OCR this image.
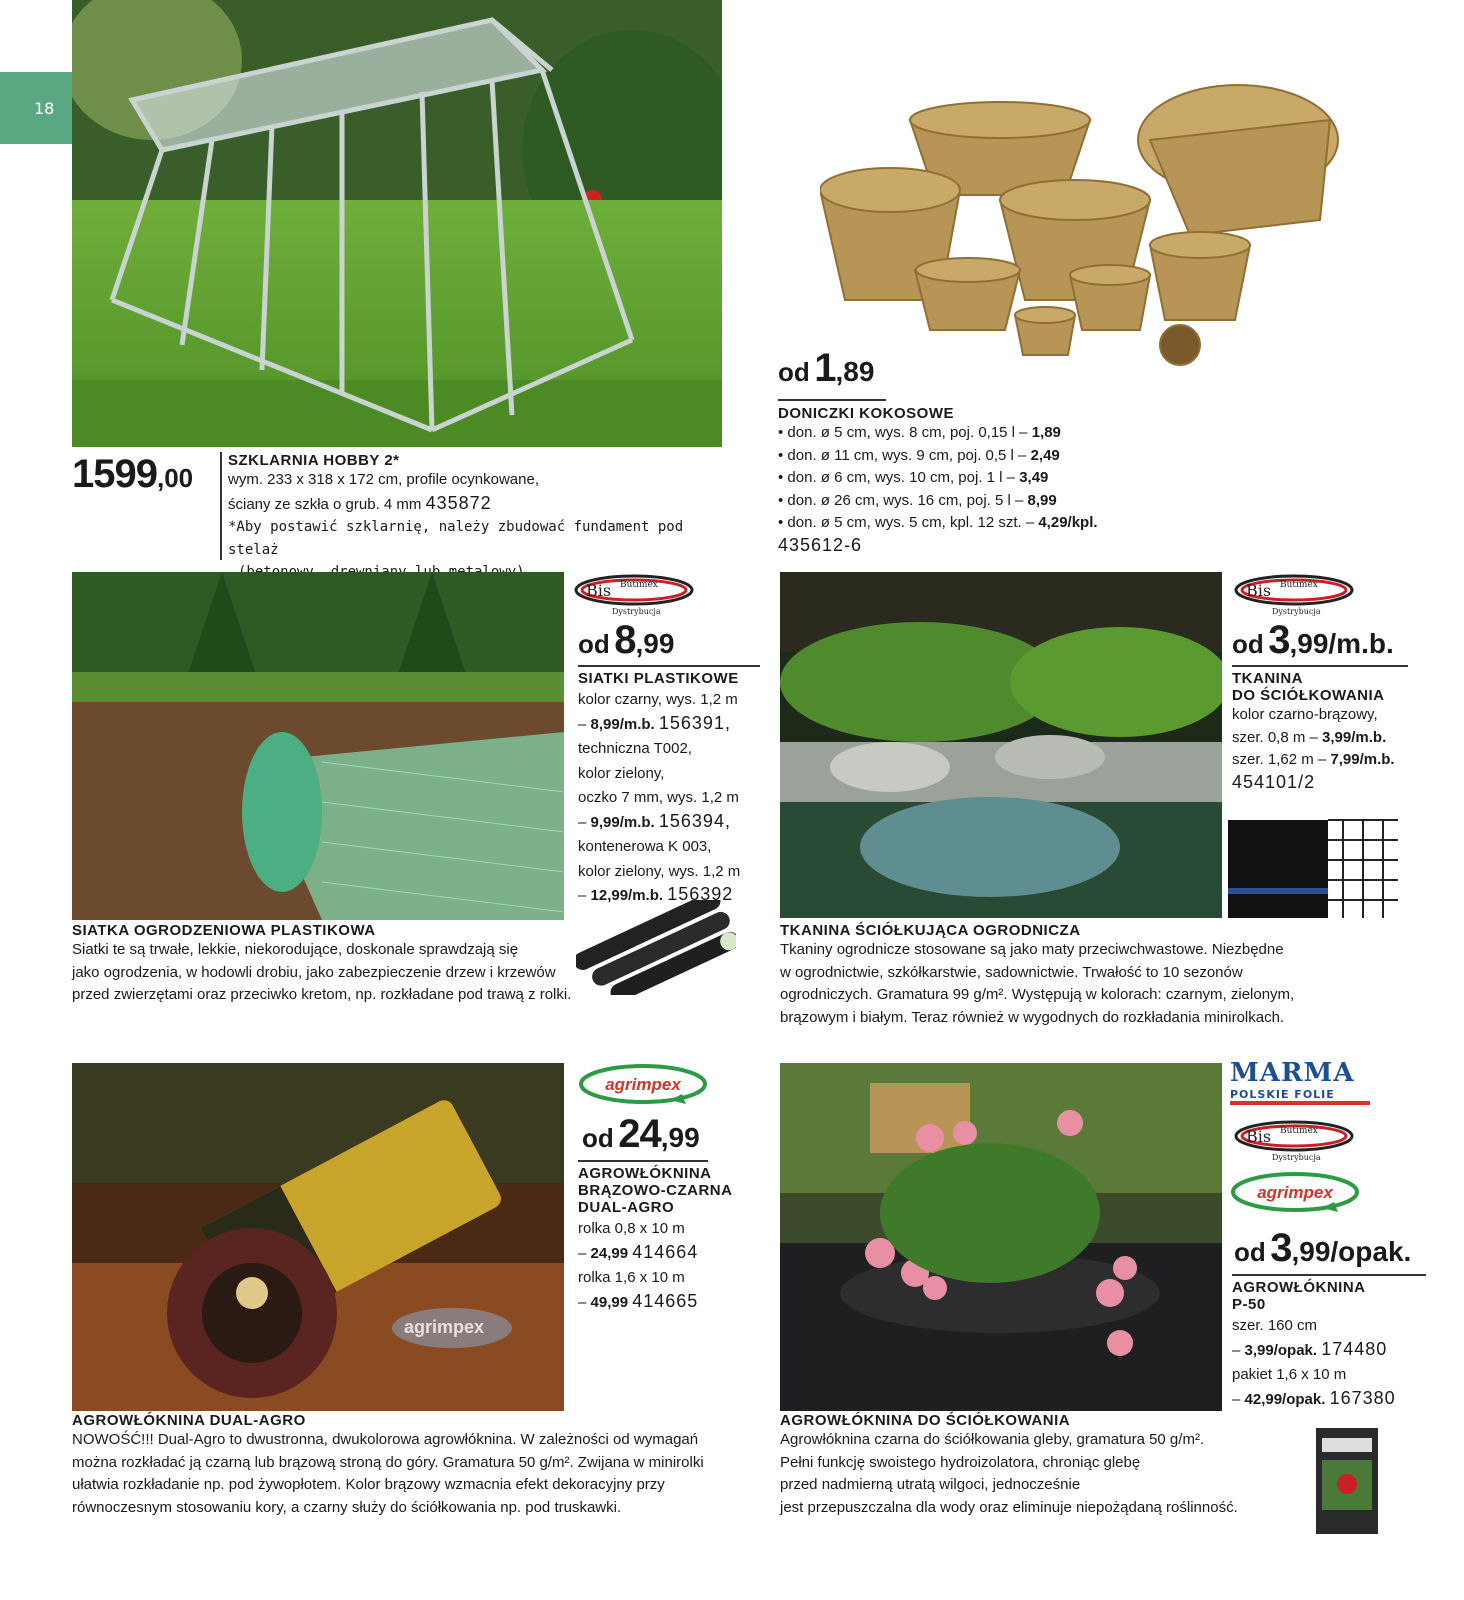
18
1599,00
SZKLARNIA HOBBY 2*
wym. 233 x 318 x 172 cm, profile ocynkowane,
ściany ze szkła o grub. 4 mm 435872
*Aby postawić szklarnię, należy zbudować fundament pod stelaż
od 1,89
DONICZKI KOKOSOWE
• don. ø 5 cm, wys. 8 cm, poj. 0,15 l – 1,89
• don. ø 11 cm, wys. 9 cm, poj. 0,5 l – 2,49
• don. ø 6 cm, wys. 10 cm, poj. 1 l – 3,49
• don. ø 26 cm, wys. 16 cm, poj. 5 l – 8,99
• don. ø 5 cm, wys. 5 cm, kpl. 12 szt. – 4,29/kpl.
435612-6
Bis Butimex
Dystrybucja
od 8,99
SIATKI PLASTIKOWE
kolor czarny, wys. 1,2 m
– 8,99/m.b. 156391,
techniczna T002,
kolor zielony,
oczko 7 mm, wys. 1,2 m
– 9,99/m.b. 156394,
kontenerowa K 003,
kolor zielony, wys. 1,2 m
– 12,99/m.b. 156392
SIATKA OGRODZENIOWA PLASTIKOWA
Siatki te są trwałe, lekkie, niekorodujące, doskonale sprawdzają się
jako ogrodzenia, w hodowli drobiu, jako zabezpieczenie drzew i krzewów
przed zwierzętami oraz przeciwko kretom, np. rozkładane pod trawą z rolki.
Bis Butimex
Dystrybucja
od 3,99/m.b.
TKANINA
DO ŚCIÓŁKOWANIA
kolor czarno-brązowy,
szer. 0,8 m – 3,99/m.b.
szer. 1,62 m – 7,99/m.b.
454101/2
TKANINA ŚCIÓŁKUJĄCA OGRODNICZA
Tkaniny ogrodnicze stosowane są jako maty przeciwchwastowe. Niezbędne
w ogrodnictwie, szkółkarstwie, sadownictwie. Trwałość to 10 sezonów
ogrodniczych. Gramatura 99 g/m². Występują w kolorach: czarnym, zielonym,
brązowym i białym. Teraz również w wygodnych do rozkładania minirolkach.
agrimpex
agrimpex
od 24,99
AGROWŁÓKNINA
BRĄZOWO-CZARNA
DUAL-AGRO
rolka 0,8 x 10 m
– 24,99 414664
rolka 1,6 x 10 m
– 49,99 414665
AGROWŁÓKNINA DUAL-AGRO
NOWOŚĆ!!! Dual-Agro to dwustronna, dwukolorowa agrowłóknina. W zależności od wymagań
można rozkładać ją czarną lub brązową stroną do góry. Gramatura 50 g/m². Zwijana w minirolki
ułatwia rozkładanie np. pod żywopłotem. Kolor brązowy wzmacnia efekt dekoracyjny przy
równoczesnym stosowaniu kory, a czarny służy do ściółkowania np. pod truskawki.
MARMA
POLSKIE FOLIE
Bis Butimex
Dystrybucja
agrimpex
od 3,99/opak.
AGROWŁÓKNINA
P-50
szer. 160 cm
– 3,99/opak. 174480
pakiet 1,6 x 10 m
– 42,99/opak. 167380
AGROWŁÓKNINA DO ŚCIÓŁKOWANIA
Agrowłóknina czarna do ściółkowania gleby, gramatura 50 g/m².
Pełni funkcję swoistego hydroizolatora, chroniąc glebę
przed nadmierną utratą wilgoci, jednocześnie
jest przepuszczalna dla wody oraz eliminuje niepożądaną roślinność.
